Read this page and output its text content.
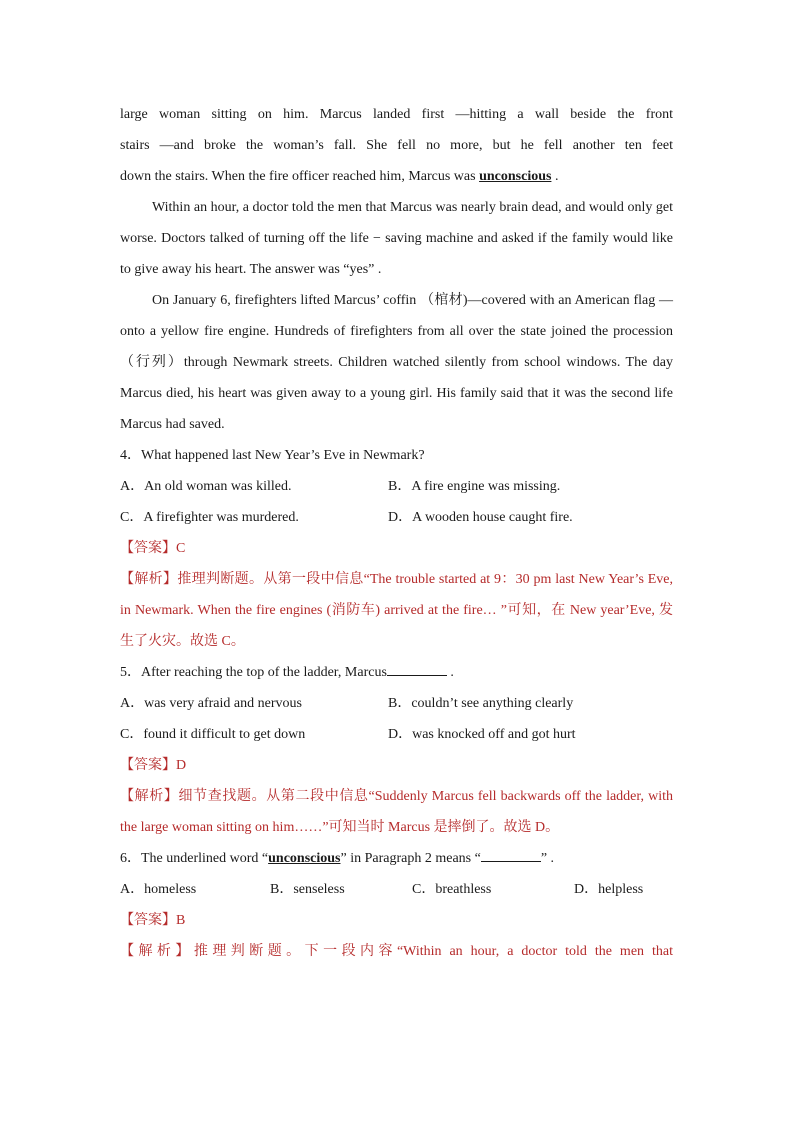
large woman sitting on him. Marcus landed first —hitting a wall beside the front

stairs —and broke the woman’s fall. She fell no more, but he fell another ten feet

down the stairs. When the fire officer reached him, Marcus was unconscious .

Within an hour, a doctor told the men that Marcus was nearly brain dead, and would only get worse. Doctors talked of turning off the life − saving machine and asked if the family would like to give away his heart. The answer was “yes” .

On January 6, firefighters lifted Marcus’ coffin （棺材)—covered with an American flag —onto a yellow fire engine. Hundreds of firefighters from all over the state joined the procession （行列）through Newmark streets. Children watched silently from school windows. The day Marcus died, his heart was given away to a young girl. His family said that it was the second life Marcus had saved.

4．What happened last New Year’s Eve in Newmark?

A．An old woman was killed.	B．A fire engine was missing.
C．A firefighter was murdered.	D．A wooden house caught fire.

【答案】C

【解析】推理判断题。从第一段中信息“The trouble started at 9：30 pm last New Year’s Eve, in Newmark. When the fire engines (消防车) arrived at the fire… ”可知，在 New year’Eve, 发生了火灾。故选 C。

5．After reaching the top of the ladder, Marcus	.

A．was very afraid and nervous	B．couldn’t see anything clearly
C．found it difficult to get down	D．was knocked off and got hurt

【答案】D

【解析】细节查找题。从第二段中信息“Suddenly Marcus fell backwards off the ladder, with the large woman sitting on him……”可知当时 Marcus 是摔倒了。故选 D。

6．The underlined word “unconscious” in Paragraph 2 means “	” .

A．homeless	B．senseless	C．breathless	D．helpless

【答案】B

【解析】推理判断题。下一段内容“Within an hour, a doctor told the men that
